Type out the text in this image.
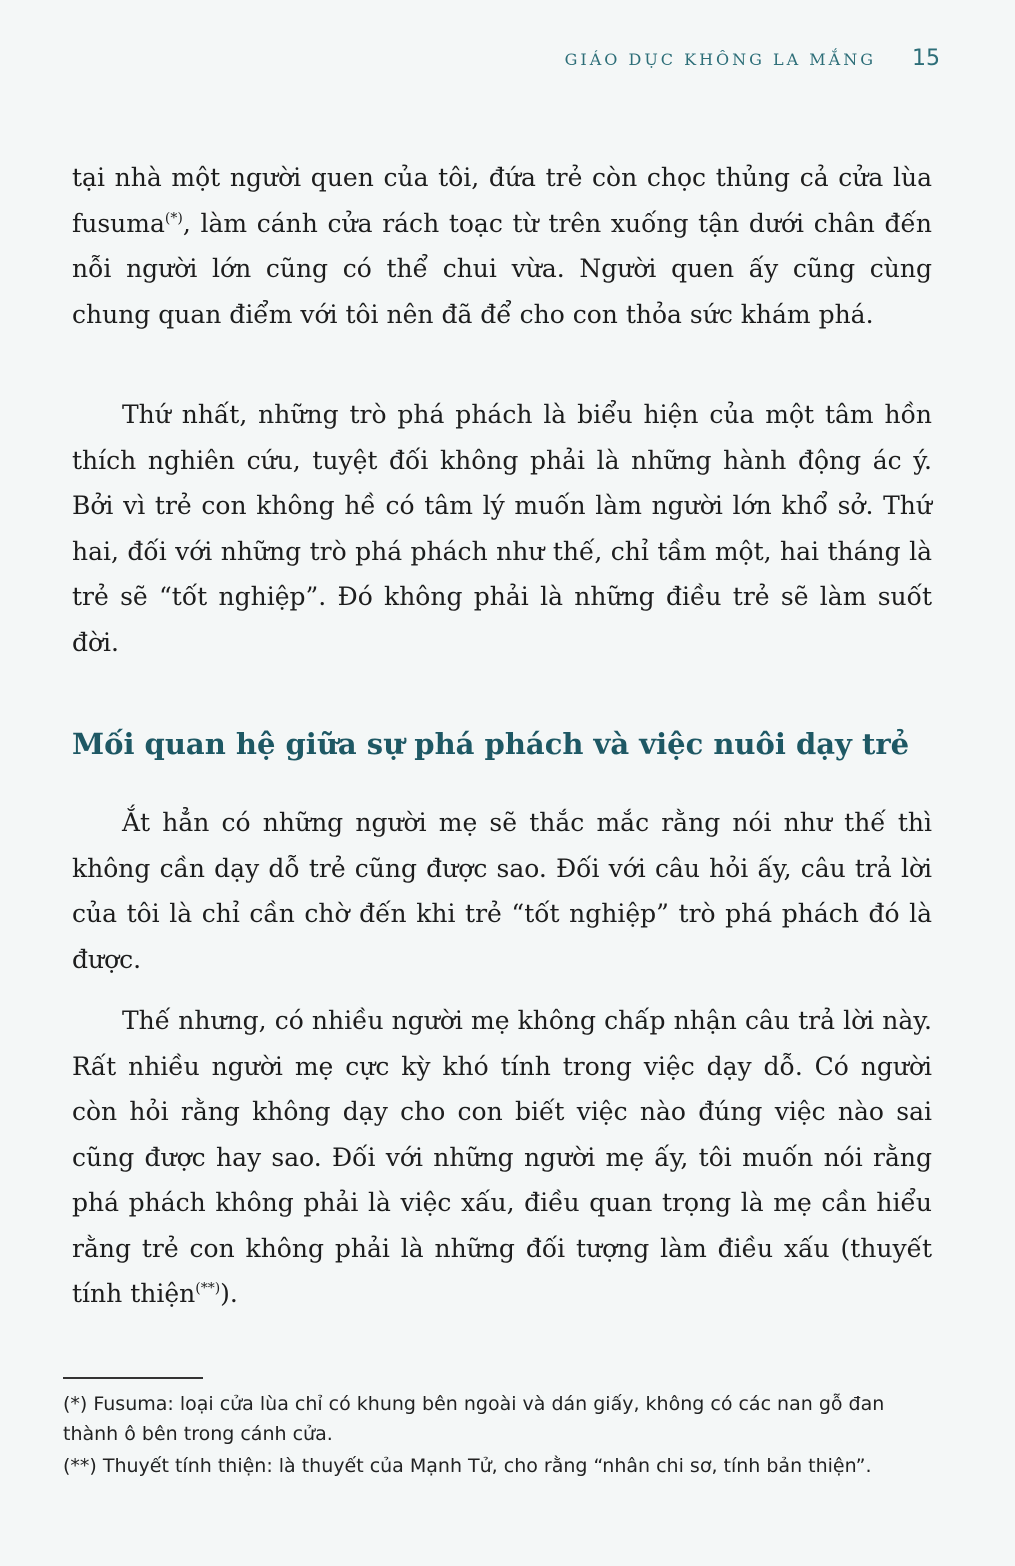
GIÁO DỤC KHÔNG LA MẮNG 15

tại nhà một người quen của tôi, đứa trẻ còn chọc thủng cả cửa lùa fusuma(*), làm cánh cửa rách toạc từ trên xuống tận dưới chân đến nỗi người lớn cũng có thể chui vừa. Người quen ấy cũng cùng chung quan điểm với tôi nên đã để cho con thỏa sức khám phá.

Thứ nhất, những trò phá phách là biểu hiện của một tâm hồn thích nghiên cứu, tuyệt đối không phải là những hành động ác ý. Bởi vì trẻ con không hề có tâm lý muốn làm người lớn khổ sở. Thứ hai, đối với những trò phá phách như thế, chỉ tầm một, hai tháng là trẻ sẽ “tốt nghiệp”. Đó không phải là những điều trẻ sẽ làm suốt đời.

Mối quan hệ giữa sự phá phách và việc nuôi dạy trẻ

Ắt hẳn có những người mẹ sẽ thắc mắc rằng nói như thế thì không cần dạy dỗ trẻ cũng được sao. Đối với câu hỏi ấy, câu trả lời của tôi là chỉ cần chờ đến khi trẻ “tốt nghiệp” trò phá phách đó là được.

Thế nhưng, có nhiều người mẹ không chấp nhận câu trả lời này. Rất nhiều người mẹ cực kỳ khó tính trong việc dạy dỗ. Có người còn hỏi rằng không dạy cho con biết việc nào đúng việc nào sai cũng được hay sao. Đối với những người mẹ ấy, tôi muốn nói rằng phá phách không phải là việc xấu, điều quan trọng là mẹ cần hiểu rằng trẻ con không phải là những đối tượng làm điều xấu (thuyết tính thiện(**)).

(*) Fusuma: loại cửa lùa chỉ có khung bên ngoài và dán giấy, không có các nan gỗ đan thành ô bên trong cánh cửa.

(**) Thuyết tính thiện: là thuyết của Mạnh Tử, cho rằng “nhân chi sơ, tính bản thiện”.
